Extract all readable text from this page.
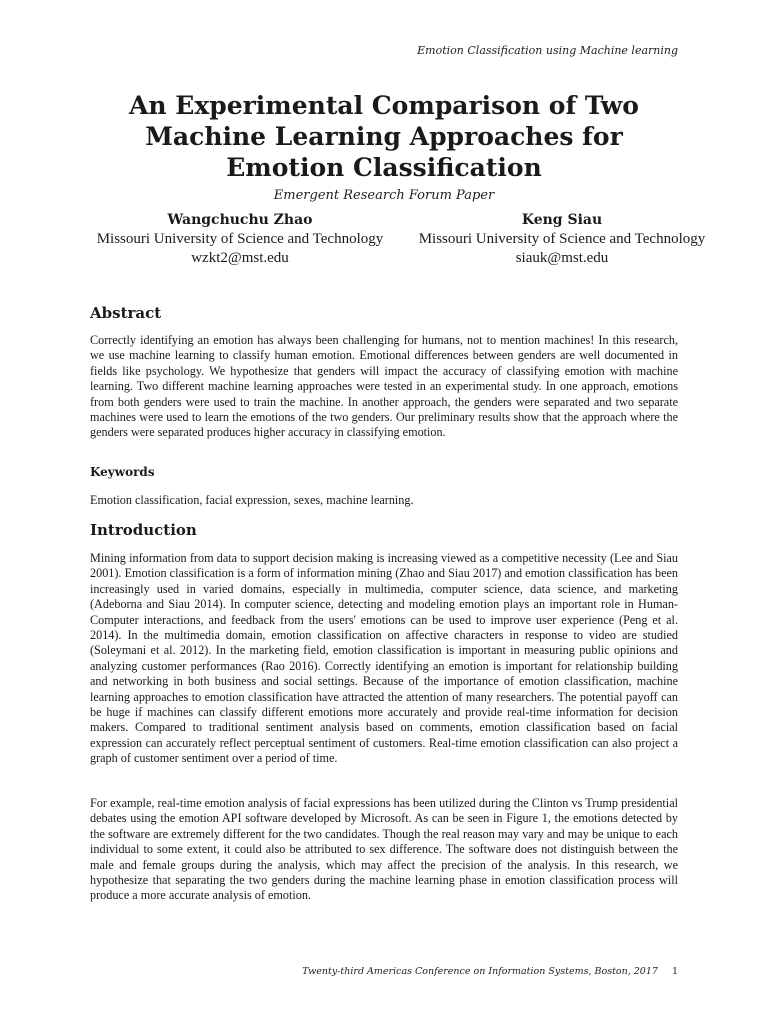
Emotion Classification using Machine learning
An Experimental Comparison of Two Machine Learning Approaches for Emotion Classification
Emergent Research Forum Paper
Wangchuchu Zhao
Missouri University of Science and Technology
wzkt2@mst.edu
Keng Siau
Missouri University of Science and Technology
siauk@mst.edu
Abstract

Correctly identifying an emotion has always been challenging for humans, not to mention machines! In this research, we use machine learning to classify human emotion. Emotional differences between genders are well documented in fields like psychology. We hypothesize that genders will impact the accuracy of classifying emotion with machine learning. Two different machine learning approaches were tested in an experimental study. In one approach, emotions from both genders were used to train the machine. In another approach, the genders were separated and two separate machines were used to learn the emotions of the two genders. Our preliminary results show that the approach where the genders were separated produces higher accuracy in classifying emotion.

Keywords

Emotion classification, facial expression, sexes, machine learning.

Introduction

Mining information from data to support decision making is increasing viewed as a competitive necessity (Lee and Siau 2001). Emotion classification is a form of information mining (Zhao and Siau 2017) and emotion classification has been increasingly used in varied domains, especially in multimedia, computer science, data science, and marketing (Adeborna and Siau 2014). In computer science, detecting and modeling emotion plays an important role in Human-Computer interactions, and feedback from the users' emotions can be used to improve user experience (Peng et al. 2014). In the multimedia domain, emotion classification on affective characters in response to video are studied (Soleymani et al. 2012). In the marketing field, emotion classification is important in measuring public opinions and analyzing customer performances (Rao 2016). Correctly identifying an emotion is important for relationship building and networking in both business and social settings. Because of the importance of emotion classification, machine learning approaches to emotion classification have attracted the attention of many researchers. The potential payoff can be huge if machines can classify different emotions more accurately and provide real-time information for decision makers. Compared to traditional sentiment analysis based on comments, emotion classification based on facial expression can accurately reflect perceptual sentiment of customers. Real-time emotion classification can also project a graph of customer sentiment over a period of time.

For example, real-time emotion analysis of facial expressions has been utilized during the Clinton vs Trump presidential debates using the emotion API software developed by Microsoft. As can be seen in Figure 1, the emotions detected by the software are extremely different for the two candidates. Though the real reason may vary and may be unique to each individual to some extent, it could also be attributed to sex difference. The software does not distinguish between the male and female groups during the analysis, which may affect the precision of the analysis. In this research, we hypothesize that separating the two genders during the machine learning phase in emotion classification process will produce a more accurate analysis of emotion.

Twenty-third Americas Conference on Information Systems, Boston, 2017 1
